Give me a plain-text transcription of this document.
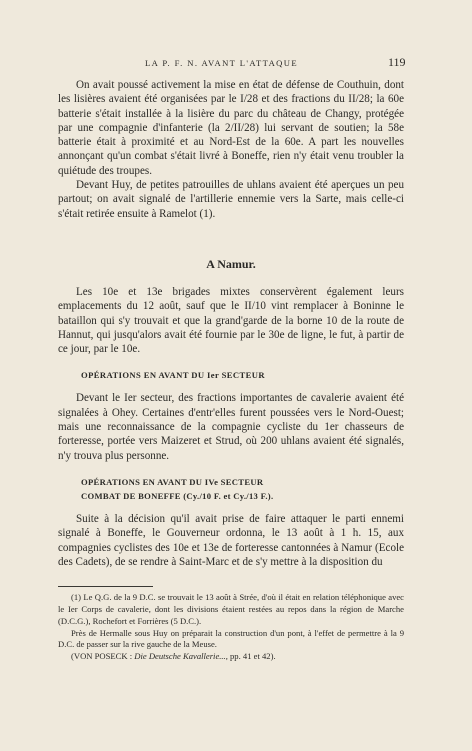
LA P. F. N. AVANT L'ATTAQUE	119

On avait poussé activement la mise en état de défense de Couthuin, dont les lisières avaient été organisées par le I/28 et des fractions du II/28; la 60e batterie s'était installée à la lisière du parc du château de Changy, protégée par une compagnie d'infanterie (la 2/II/28) lui servant de soutien; la 58e batterie était à proximité et au Nord-Est de la 60e. A part les nouvelles annonçant qu'un combat s'était livré à Boneffe, rien n'y était venu troubler la quiétude des troupes.

Devant Huy, de petites patrouilles de uhlans avaient été aperçues un peu partout; on avait signalé de l'artillerie ennemie vers la Sarte, mais celle-ci s'était retirée ensuite à Ramelot (1).

A Namur.

Les 10e et 13e brigades mixtes conservèrent également leurs emplacements du 12 août, sauf que le II/10 vint remplacer à Boninne le bataillon qui s'y trouvait et que la grand'garde de la borne 10 de la route de Hannut, qui jusqu'alors avait été fournie par le 30e de ligne, le fut, à partir de ce jour, par le 10e.

OPÉRATIONS EN AVANT DU Ier SECTEUR

Devant le Ier secteur, des fractions importantes de cavalerie avaient été signalées à Ohey. Certaines d'entr'elles furent poussées vers le Nord-Ouest; mais une reconnaissance de la compagnie cycliste du 1er chasseurs de forteresse, portée vers Maizeret et Strud, où 200 uhlans avaient été signalés, n'y trouva plus personne.

OPÉRATIONS EN AVANT DU IVe SECTEUR
COMBAT DE BONEFFE (Cy./10 F. et Cy./13 F.).

Suite à la décision qu'il avait prise de faire attaquer le parti ennemi signalé à Boneffe, le Gouverneur ordonna, le 13 août à 1 h. 15, aux compagnies cyclistes des 10e et 13e de forteresse cantonnées à Namur (Ecole des Cadets), de se rendre à Saint-Marc et de s'y mettre à la disposition du

(1) Le Q.G. de la 9 D.C. se trouvait le 13 août à Strée, d'où il était en relation téléphonique avec le Ier Corps de cavalerie, dont les divisions étaient restées au repos dans la région de Marche (D.C.G.), Rochefort et Forrières (5 D.C.).

Près de Hermalle sous Huy on préparait la construction d'un pont, à l'effet de permettre à la 9 D.C. de passer sur la rive gauche de la Meuse.

(VON POSECK : Die Deutsche Kavallerie..., pp. 41 et 42).
